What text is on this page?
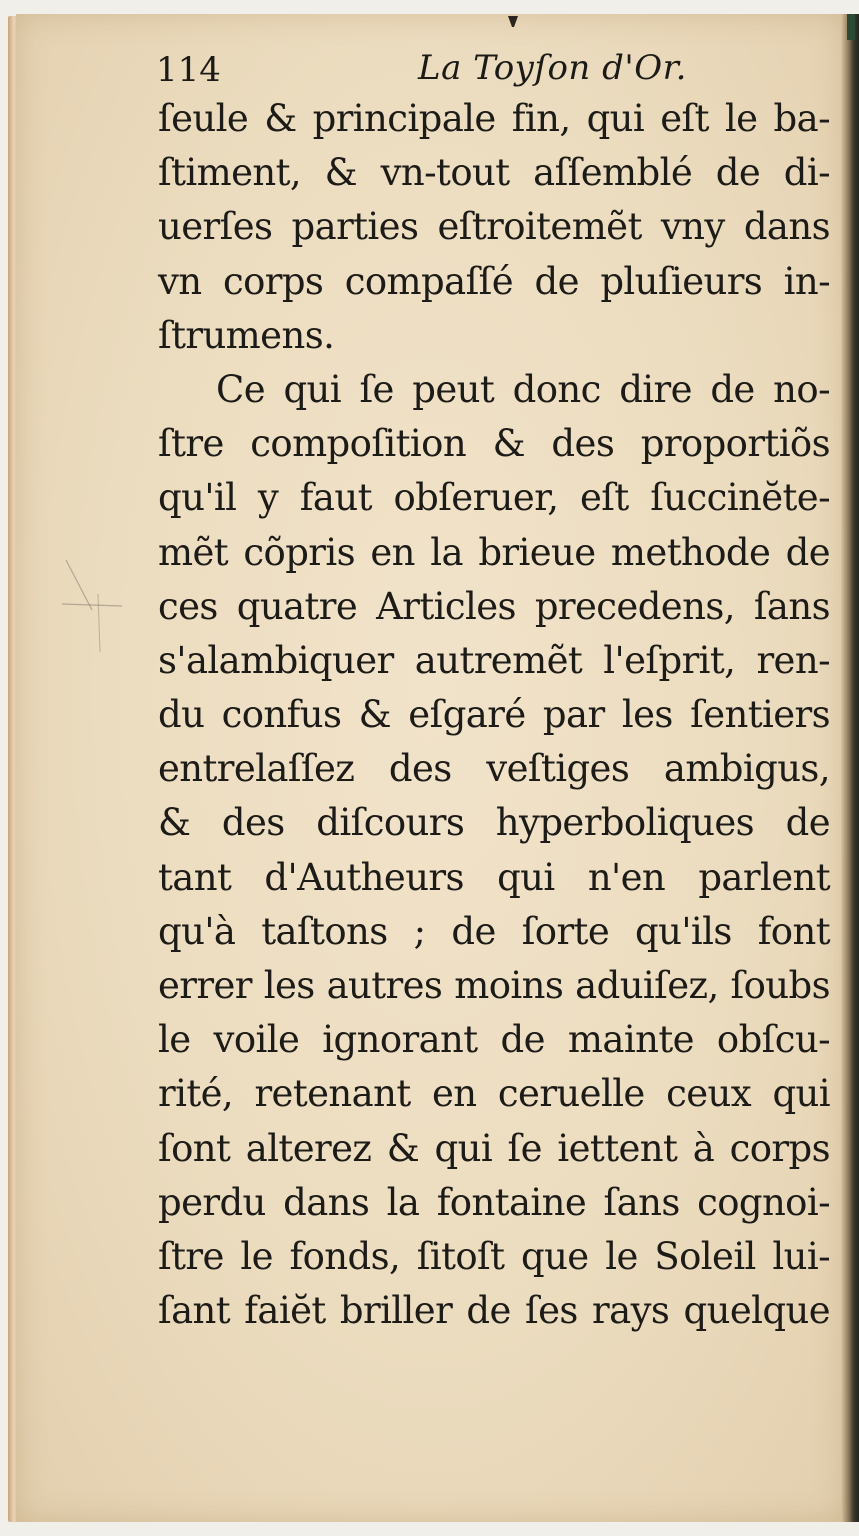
114	La Toyſon d'Or.
ſeule & principale fin, qui eſt le ba-
ſtiment, & vn-tout aſſemblé de di-
uerſes parties eſtroitemẽt vny dans
vn corps compaſſé de pluſieurs in-
ſtrumens.
Ce qui ſe peut donc dire de no-
ſtre compoſition & des proportiõs
qu'il y faut obſeruer, eſt ſuccinӗte-
mẽt cõpris en la brieue methode de
ces quatre Articles precedens, ſans
s'alambiquer autremẽt l'eſprit, ren-
du confus & eſgaré par les ſentiers
entrelaſſez des veſtiges ambigus,
& des diſcours hyperboliques de
tant d'Autheurs qui n'en parlent
qu'à taſtons ; de ſorte qu'ils font
errer les autres moins aduiſez, ſoubs
le voile ignorant de mainte obſcu-
rité, retenant en ceruelle ceux qui
ſont alterez & qui ſe iettent à corps
perdu dans la fontaine ſans cognoi-
ſtre le fonds, ſitoſt que le Soleil lui-
ſant faiӗt briller de ſes rays quelque
